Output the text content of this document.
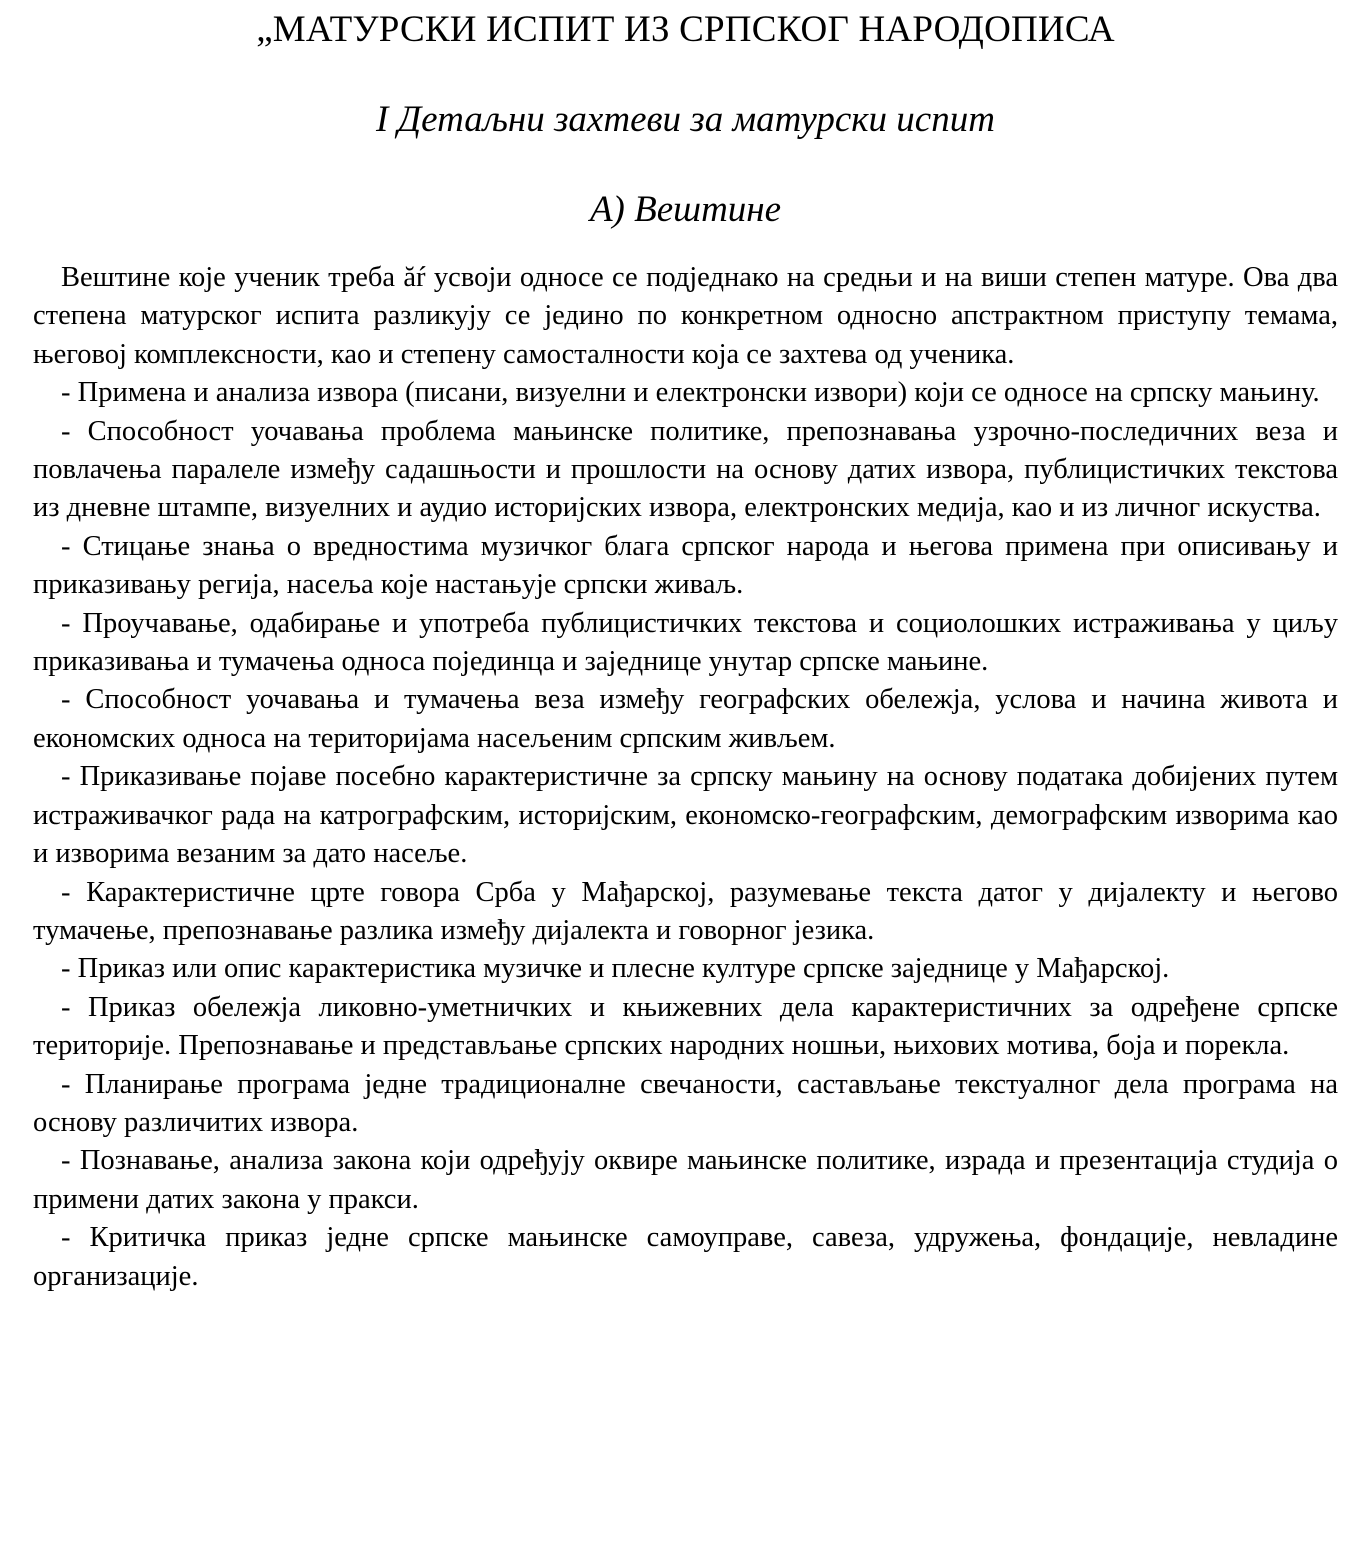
„МАТУРСКИ ИСПИТ ИЗ СРПСКОГ НАРОДОПИСА
I Детаљни захтеви за матурски испит
A) Вештине

Вештине које ученик треба ăŕ усвоји односе се подједнако на средњи и на виши степен матуре. Ова два степена матурског испита разликују се једино по конкретном односно апстрактном приступу темама, његовој комплексности, као и степену самосталности која се захтева од ученика.

- Примена и анализа извора (писани, визуелни и електронски извори) који се односе на српску мањину.

- Способност уочавања проблема мањинске политике, препознавања узрочно-последичних веза и повлачења паралеле између садашњости и прошлости на основу датих извора, публицистичких текстова из дневне штампе, визуелних и аудио историјских извора, електронских медија, као и из личног искуства.

- Стицање знања о вредностима музичког блага српског народа и његова примена при описивању и приказивању регија, насеља које настањује српски живаљ.

- Проучавање, одабирање и употреба публицистичких текстова и социолошких истраживања у циљу приказивања и тумачења односа појединца и заједнице унутар српске мањине.

- Способност уочавања и тумачења веза између географских обележја, услова и начина живота и економских односа на територијама насељеним српским живљем.

- Приказивање појаве посебно карактеристичне за српску мањину на основу података добијених путем истраживачког рада на катрографским, историјским, економско-географским, демографским изворима као и изворима везаним за дато насеље.

- Карактеристичне црте говора Срба у Мађарској, разумевање текста датог у дијалекту и његово тумачење, препознавање разлика између дијалекта и говорног језика.

- Приказ или опис карактеристика музичке и плесне културе српске заједнице у Мађарској.

- Приказ обележја ликовно-уметничких и књижевних дела карактеристичних за одређене српске територије. Препознавање и представљање српских народних ношњи, њихових мотива, боја и порекла.

- Планирање програма једне традиционалне свечаности, састављање текстуалног дела програма на основу различитих извора.

- Познавање, анализа закона који одређују оквире мањинске политике, израда и презентација студија о примени датих закона у пракси.

- Критичка приказ једне српске мањинске самоуправе, савеза, удружења, фондације, невладине организације.
